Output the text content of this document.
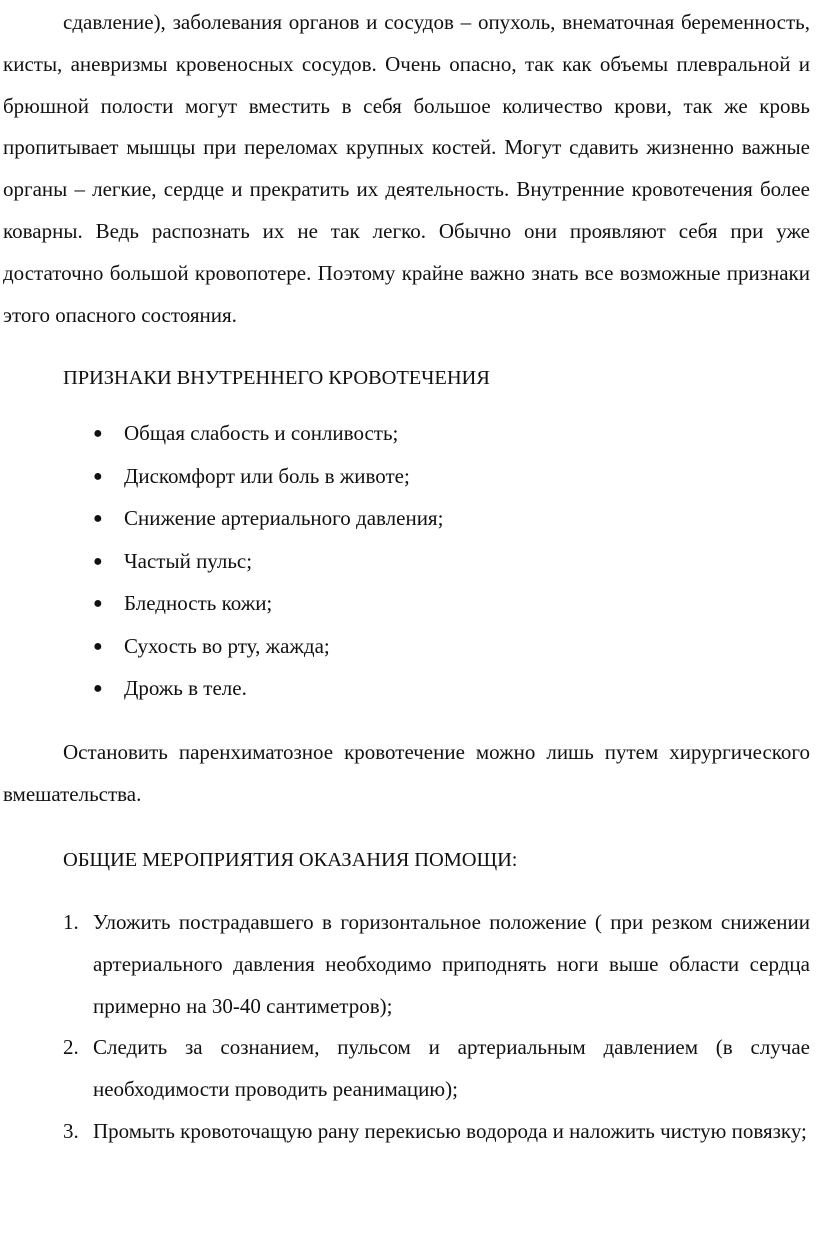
сдавление), заболевания органов и сосудов – опухоль, внематочная беременность, кисты, аневризмы кровеносных сосудов. Очень опасно, так как объемы плевральной и брюшной полости могут вместить в себя большое количество крови, так же кровь пропитывает мышцы при переломах крупных костей. Могут сдавить жизненно важные органы – легкие, сердце и прекратить их деятельность. Внутренние кровотечения более коварны. Ведь распознать их не так легко. Обычно они проявляют себя при уже достаточно большой кровопотере. Поэтому крайне важно знать все возможные признаки этого опасного состояния.

ПРИЗНАКИ ВНУТРЕННЕГО КРОВОТЕЧЕНИЯ

● Общая слабость и сонливость;
● Дискомфорт или боль в животе;
● Снижение артериального давления;
● Частый пульс;
● Бледность кожи;
● Сухость во рту, жажда;
● Дрожь в теле.

Остановить паренхиматозное кровотечение можно лишь путем хирургического вмешательства.

ОБЩИЕ МЕРОПРИЯТИЯ ОКАЗАНИЯ ПОМОЩИ:

1. Уложить пострадавшего в горизонтальное положение ( при резком снижении артериального давления необходимо приподнять ноги выше области сердца примерно на 30-40 сантиметров);
2. Следить за сознанием, пульсом и артериальным давлением (в случае необходимости проводить реанимацию);
3. Промыть кровоточащую рану перекисью водорода и наложить чистую повязку;
